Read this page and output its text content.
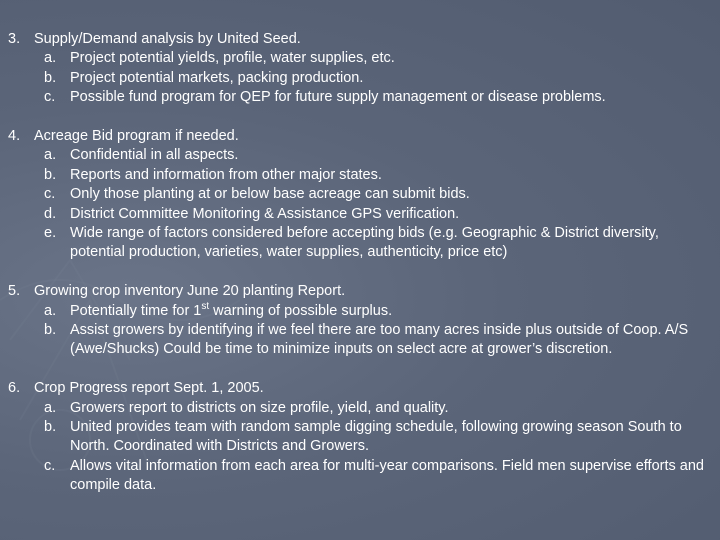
3. Supply/Demand analysis by United Seed.
a. Project potential yields, profile, water supplies, etc.
b. Project potential markets, packing production.
c. Possible fund program for QEP for future supply management or disease problems.
4. Acreage Bid program if needed.
a. Confidential in all aspects.
b. Reports and information from other major states.
c. Only those planting at or below base acreage can submit bids.
d. District Committee Monitoring & Assistance GPS verification.
e. Wide range of factors considered before accepting bids (e.g. Geographic & District diversity, potential production, varieties, water supplies, authenticity, price etc)
5. Growing crop inventory June 20 planting Report.
a. Potentially time for 1st warning of possible surplus.
b. Assist growers by identifying if we feel there are too many acres inside plus outside of Coop. A/S (Awe/Shucks) Could be time to minimize inputs on select acre at grower’s discretion.
6. Crop Progress report Sept. 1, 2005.
a. Growers report to districts on size profile, yield, and quality.
b. United provides team with random sample digging schedule, following growing season South to North. Coordinated with Districts and Growers.
c. Allows vital information from each area for multi-year comparisons. Field men supervise efforts and compile data.
